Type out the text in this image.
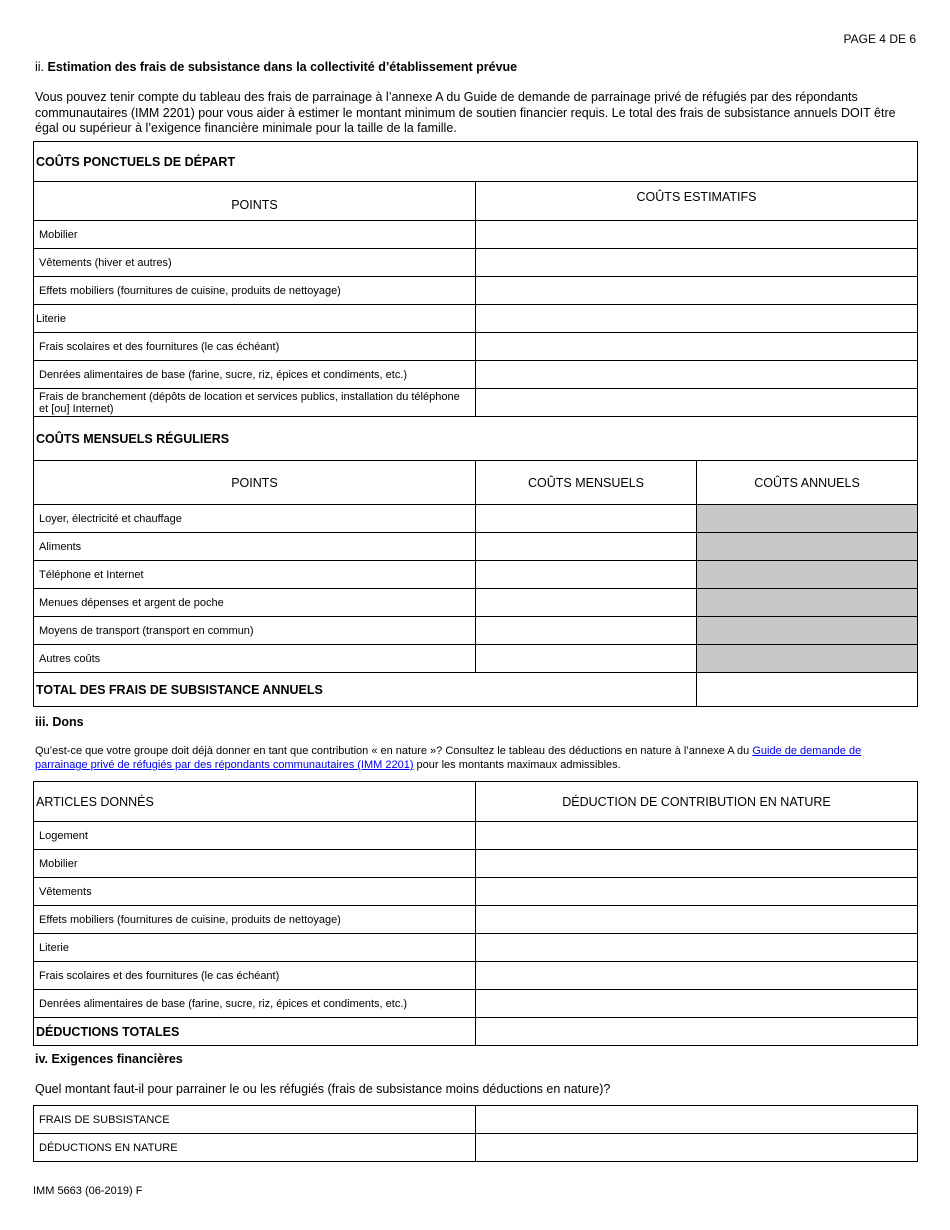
PAGE 4 DE 6
ii. Estimation des frais de subsistance dans la collectivité d’établissement prévue
Vous pouvez tenir compte du tableau des frais de parrainage à l’annexe A du Guide de demande de parrainage privé de réfugiés par des répondants communautaires (IMM 2201) pour vous aider à estimer le montant minimum de soutien financier requis. Le total des frais de subsistance annuels DOIT être égal ou supérieur à l’exigence financière minimale pour la taille de la famille.
COÛTS PONCTUELS DE DÉPART		
POINTS	COÛTS ESTIMATIFS	
Mobilier		
Vêtements (hiver et autres)		
Effets mobiliers (fournitures de cuisine, produits de nettoyage)		
Literie		
Frais scolaires et des fournitures (le cas échéant)		
Denrées alimentaires de base (farine, sucre, riz, épices et condiments, etc.)		
Frais de branchement (dépôts de location et services publics, installation du téléphone et [ou] Internet)		
COÛTS MENSUELS RÉGULIERS		
POINTS	COÛTS MENSUELS	COÛTS ANNUELS
Loyer, électricité et chauffage		
Aliments		
Téléphone et Internet		
Menues dépenses et argent de poche		
Moyens de transport (transport en commun)		
Autres coûts		
TOTAL DES FRAIS DE SUBSISTANCE ANNUELS		
iii. Dons
Qu’est-ce que votre groupe doit déjà donner en tant que contribution « en nature »? Consultez le tableau des déductions en nature à l’annexe A du Guide de demande de parrainage privé de réfugiés par des répondants communautaires (IMM 2201) pour les montants maximaux admissibles.
ARTICLES DONNÉS	DÉDUCTION DE CONTRIBUTION EN NATURE
Logement	
Mobilier	
Vêtements	
Effets mobiliers (fournitures de cuisine, produits de nettoyage)	
Literie	
Frais scolaires et des fournitures (le cas échéant)	
Denrées alimentaires de base (farine, sucre, riz, épices et condiments, etc.)	
DÉDUCTIONS TOTALES	
iv. Exigences financières
Quel montant faut-il pour parrainer le ou les réfugiés (frais de subsistance moins déductions en nature)?
FRAIS DE SUBSISTANCE	
DÉDUCTIONS EN NATURE	
IMM 5663 (06-2019) F
